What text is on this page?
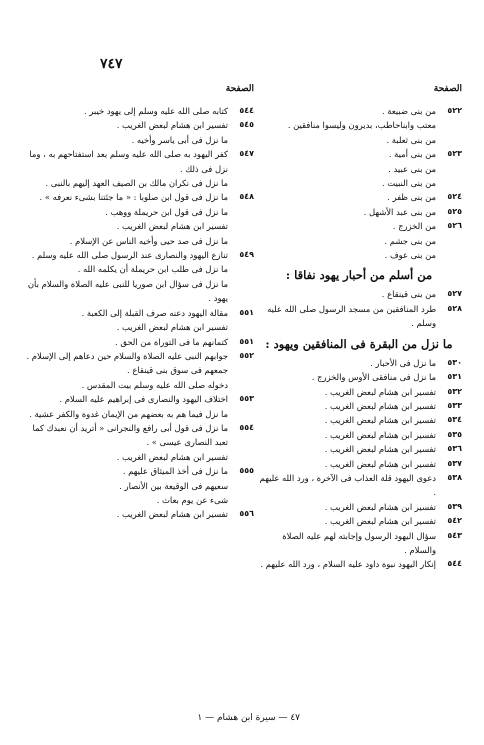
٧٤٧
الصفحة
٥٢٢
من بنى ضبيعة .
معتب وابناحاطب، بديرون وليسوا منافقين .
من بنى ثعلبة .
٥٢٣
من بنى أمية .
من بنى عبيد .
من بنى النبيت .
٥٢٤
من بنى ظفر .
٥٢٥
من بنى عبد الأشهل .
٥٢٦
من الخزرج .
من بنى جشم .
من بنى عوف .
من أسلم من أحبار يهود نفاقا :
٥٢٧
من بنى قينقاع .
٥٢٨
طرد المنافقين من مسجد الرسول صلى الله عليه وسلم .
ما نزل من البقرة فى المنافقين ويهود :
٥٣٠
ما نزل فى الأحبار .
٥٣١
ما نزل فى منافقى الأوس والخزرج .
٥٣٢
تفسير ابن هشام لبعض الغريب .
٥٣٣
تفسير ابن هشام لبعض الغريب .
٥٣٤
تفسير ابن هشام لبعض الغريب .
٥٣٥
تفسير ابن هشام لبعض الغريب .
٥٣٦
تفسير ابن هشام لبعض الغريب .
٥٣٧
تفسير ابن هشام لبعض الغريب .
٥٣٨
دعوى اليهود قلة العذاب فى الآخرة ، ورد الله عليهم .
٥٣٩
تفسير ابن هشام لبعض الغريب .
٥٤٢
تفسير ابن هشام لبعض الغريب .
٥٤٣
سؤال اليهود الرسول وإجابته لهم عليه الصلاة والسلام .
٥٤٤
إنكار اليهود نبوة داود عليه السلام ، ورد الله عليهم .
الصفحة
٥٤٤
كتابه صلى الله عليه وسلم إلى يهود خيبر .
٥٤٥
تفسير ابن هشام لبعض الغريب .
ما نزل فى أبى ياسر وأخيه .
٥٤٧
كفر اليهود به صلى الله عليه وسلم بعد استفتاحهم به ، وما نزل فى ذلك .
ما نزل فى نكران مالك بن الصيف العهد إليهم بالنبى .
٥٤٨
ما نزل فى قول ابن صلوبا : « ما جئتنا بشىء نعرفه » .
ما نزل فى قول ابن حريملة ووهب .
تفسير ابن هشام لبعض الغريب .
ما نزل فى صد حيى وأخيه الناس عن الإسلام .
٥٤٩
تنازع اليهود والنصارى عند الرسول صلى الله عليه وسلم .
ما نزل فى طلب ابن حريملة أن يكلمه الله .
ما نزل فى سؤال ابن صوريا للنبى عليه الصلاة والسلام بأن يهود .
٥٥١
مقالة اليهود دعنه صرف القبلة إلى الكعبة .
تفسير ابن هشام لبعض الغريب .
٥٥١
كتمانهم ما فى التوراة من الحق .
٥٥٢
جوابهم النبى عليه الصلاة والسلام حين دعاهم إلى الإسلام .
جمعهم فى سوق بنى قينقاع .
دخوله صلى الله عليه وسلم بيت المقدس .
٥٥٣
اختلاف اليهود والنصارى فى إبراهيم عليه السلام .
ما نزل فيما هم به بعضهم من الإيمان غدوة والكفر عشية .
٥٥٤
ما نزل فى قول أبى رافع والنجرانى « أتريد أن نعبدك كما تعبد النصارى عيسى » .
تفسير ابن هشام لبعض الغريب .
٥٥٥
ما نزل فى أخذ الميثاق عليهم .
سعيهم فى الوقيعة بين الأنصار .
شىء عن يوم بعاث .
٥٥٦
تفسير ابن هشام لبعض الغريب .
٤٧ — سيرة ابن هشام — ١
